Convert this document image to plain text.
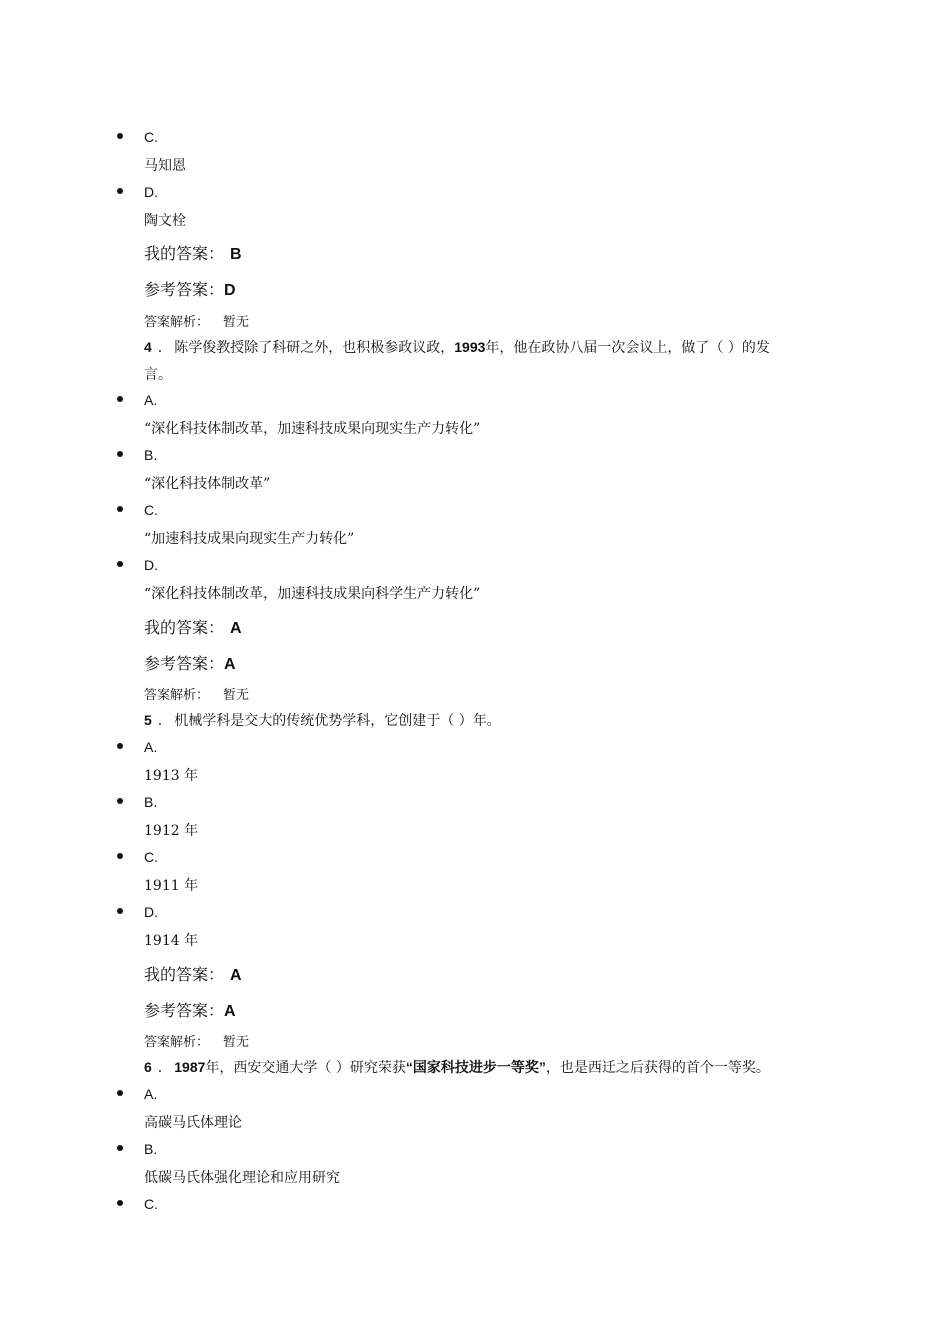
C.
马知恩
D.
陶文栓
我的答案： B
参考答案：D
答案解析： 暂无
4 . 陈学俊教授除了科研之外，也积极参政议政，1993年，他在政协八届一次会议上，做了（ ）的发
言。
A.
“深化科技体制改革，加速科技成果向现实生产力转化”
B.
“深化科技体制改革”
C.
“加速科技成果向现实生产力转化”
D.
“深化科技体制改革，加速科技成果向科学生产力转化”
我的答案： A
参考答案：A
答案解析： 暂无
5 . 机械学科是交大的传统优势学科，它创建于（ ）年。
A.
1913 年
B.
1912 年
C.
1911 年
D.
1914 年
我的答案： A
参考答案：A
答案解析： 暂无
6 . 1987年，西安交通大学（ ）研究荣获“国家科技进步一等奖”，也是西迁之后获得的首个一等奖。
A.
高碳马氏体理论
B.
低碳马氏体强化理论和应用研究
C.
